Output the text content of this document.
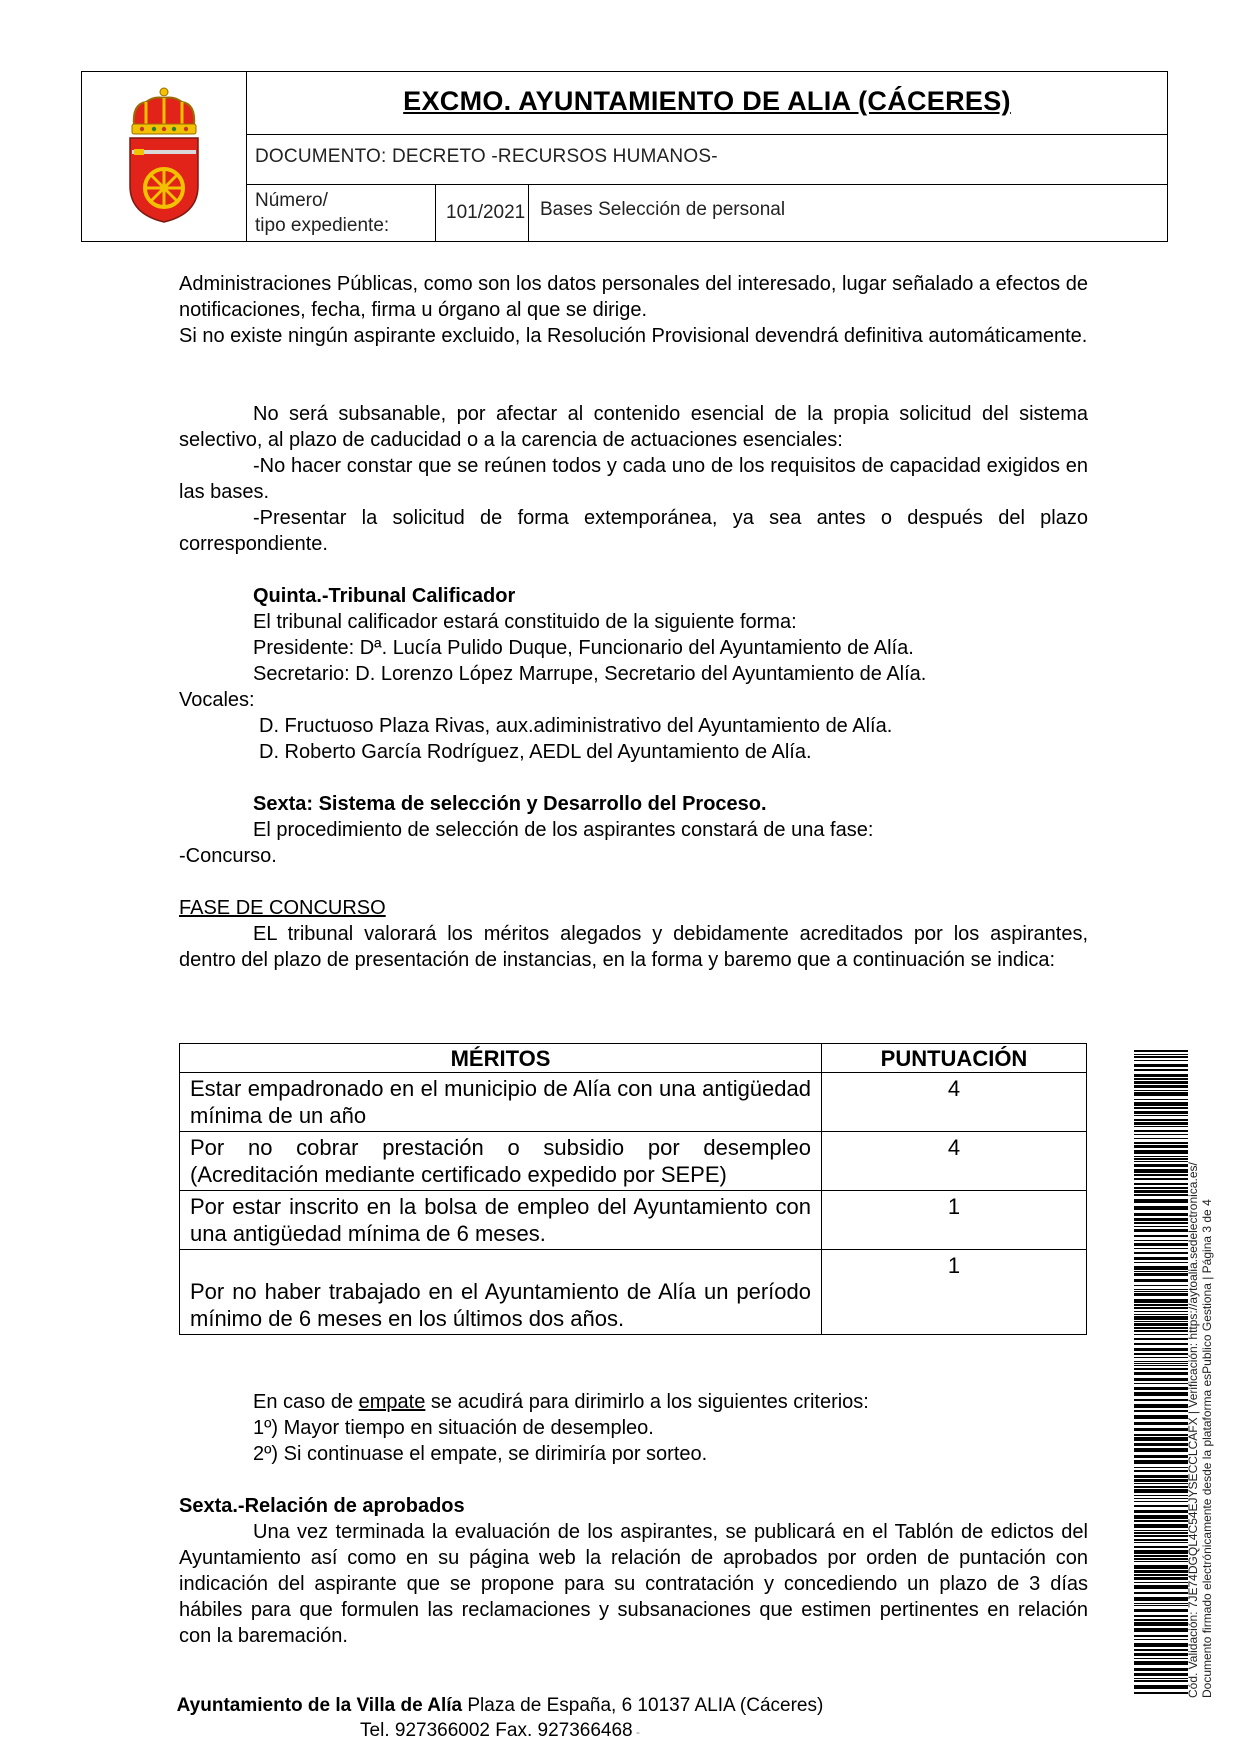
EXCMO. AYUNTAMIENTO DE ALIA (CÁCERES)
DOCUMENTO: DECRETO -RECURSOS HUMANOS-
Número/
tipo expediente:
101/2021 Bases Selección de personal

Administraciones Públicas, como son los datos personales del interesado, lugar señalado a efectos de notificaciones, fecha, firma u órgano al que se dirige.

Si no existe ningún aspirante excluido, la Resolución Provisional devendrá definitiva automáticamente.

No será subsanable, por afectar al contenido esencial de la propia solicitud del sistema selectivo, al plazo de caducidad o a la carencia de actuaciones esenciales:

-No hacer constar que se reúnen todos y cada uno de los requisitos de capacidad exigidos en las bases.

-Presentar la solicitud de forma extemporánea, ya sea antes o después del plazo correspondiente.

Quinta.-Tribunal Calificador

El tribunal calificador estará constituido de la siguiente forma:

Presidente: Dª. Lucía Pulido Duque, Funcionario del Ayuntamiento de Alía.

Secretario: D. Lorenzo López Marrupe, Secretario del Ayuntamiento de Alía.

Vocales:

D. Fructuoso Plaza Rivas, aux.adiministrativo del Ayuntamiento de Alía.

D. Roberto García Rodríguez, AEDL del Ayuntamiento de Alía.

Sexta: Sistema de selección y Desarrollo del Proceso.

El procedimiento de selección de los aspirantes constará de una fase:

-Concurso.

FASE DE CONCURSO

EL tribunal valorará los méritos alegados y debidamente acreditados por los aspirantes, dentro del plazo de presentación de instancias, en la forma y baremo que a continuación se indica:

MÉRITOS	PUNTUACIÓN
Estar empadronado en el municipio de Alía con una antigüedad mínima de un año	4
Por no cobrar prestación o subsidio por desempleo (Acreditación mediante certificado expedido por SEPE)	4
Por estar inscrito en la bolsa de empleo del Ayuntamiento con una antigüedad mínima de 6 meses.	1
Por no haber trabajado en el Ayuntamiento de Alía un período mínimo de 6 meses en los últimos dos años.	1

En caso de empate se acudirá para dirimirlo a los siguientes criterios:

1º) Mayor tiempo en situación de desempleo.

2º) Si continuase el empate, se dirimiría por sorteo.

Sexta.-Relación de aprobados

Una vez terminada la evaluación de los aspirantes, se publicará en el Tablón de edictos del Ayuntamiento así como en su página web la relación de aprobados por orden de puntación con indicación del aspirante que se propone para su contratación y concediendo un plazo de 3 días hábiles para que formulen las reclamaciones y subsanaciones que estimen pertinentes en relación con la baremación.

Ayuntamiento de la Villa de Alía Plaza de España, 6 10137 ALIA (Cáceres)
Tel. 927366002 Fax. 927366468 -
Cód. Validación: 7JE74DGQL4C54EJYSECCLCAFX | Verificación: https://aytoalia.sedelectronica.es/ Documento firmado electrónicamente desde la plataforma esPublico Gestiona | Página 3 de 4
